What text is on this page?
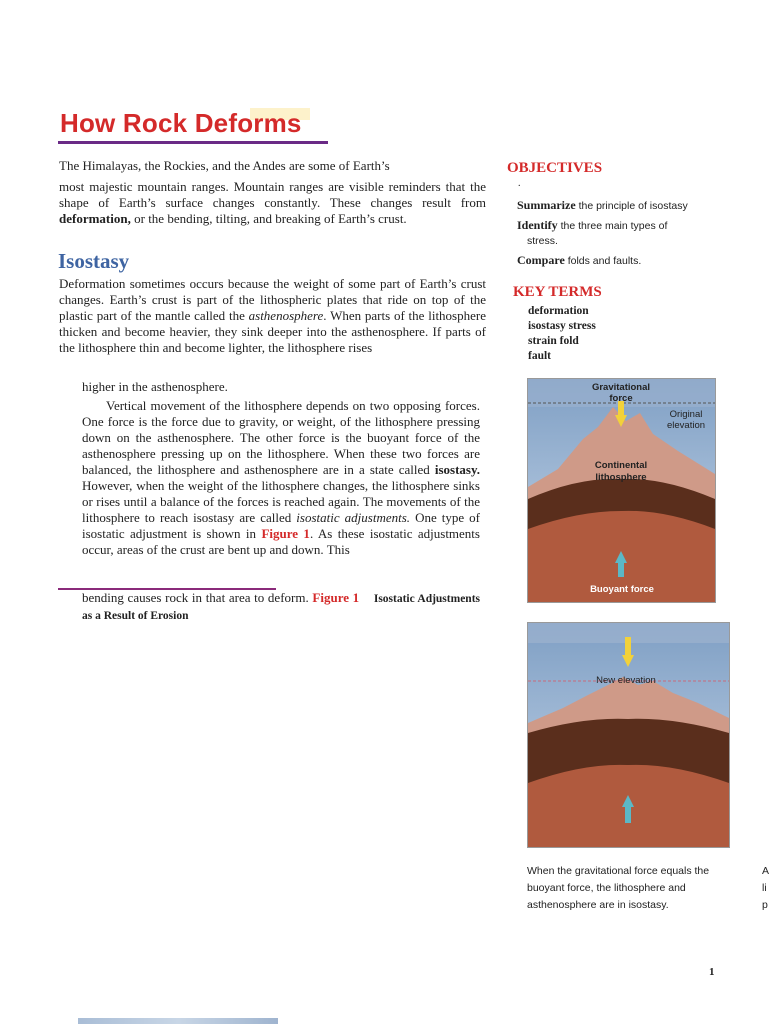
How Rock Deforms

The Himalayas, the Rockies, and the Andes are some of Earth’s

most majestic mountain ranges. Mountain ranges are visible reminders that the shape of Earth’s surface changes constantly. These changes result from deformation, or the bending, tilting, and breaking of Earth’s crust.

Isostasy
Deformation sometimes occurs because the weight of some part of Earth’s crust changes. Earth’s crust is part of the lithospheric plates that ride on top of the plastic part of the mantle called the asthenosphere. When parts of the lithosphere thicken and become heavier, they sink deeper into the asthenosphere. If parts of the lithosphere thin and become lighter, the lithosphere rises
higher in the asthenosphere.
Vertical movement of the lithosphere depends on two opposing forces. One force is the force due to gravity, or weight, of the lithosphere pressing down on the asthenosphere. The other force is the buoyant force of the asthenosphere pressing up on the lithosphere. When these two forces are balanced, the lithosphere and asthenosphere are in a state called isostasy. However, when the weight of the lithosphere changes, the lithosphere sinks or rises until a balance of the forces is reached again. The movements of the lithosphere to reach isostasy are called isostatic adjustments. One type of isostatic adjustment is shown in Figure 1. As these isostatic adjustments occur, areas of the crust are bent up and down. This
bending causes rock in that area to deform. Figure 1 Isostatic Adjustments as a Result of Erosion
OBJECTIVES
.
Summarize the principle of isostasy
Identify the three main types of
stress.
Compare folds and faults.
KEY TERMS
deformation
isostasy stress
strain fold
fault
Gravitational
force
Original
elevation
Continental
lithosphere
Buoyant force
New elevation
When the gravitational force equals the
buoyant force, the lithosphere and
asthenosphere are in isostasy.
A
li
p
1
